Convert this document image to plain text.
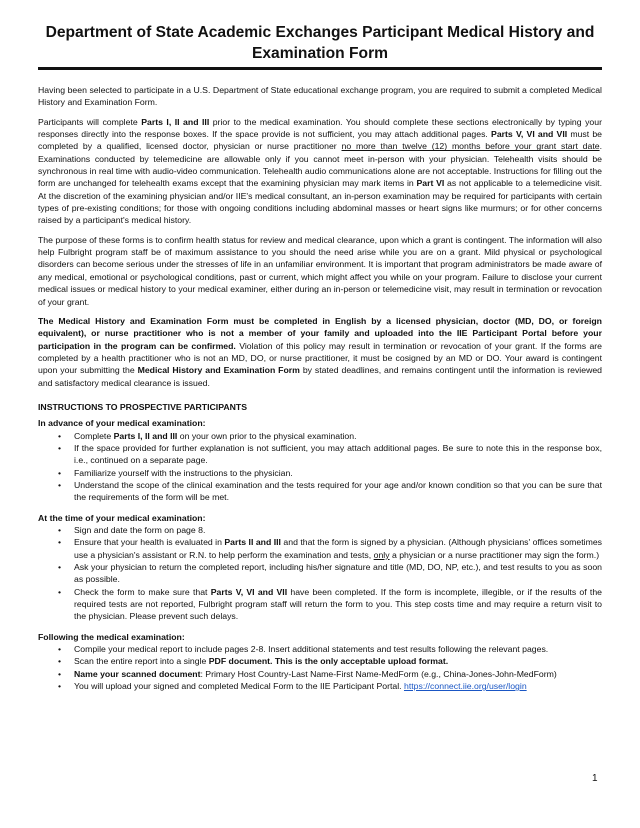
Department of State Academic Exchanges Participant Medical History and Examination Form

Having been selected to participate in a U.S. Department of State educational exchange program, you are required to submit a completed Medical History and Examination Form.

Participants will complete Parts I, II and III prior to the medical examination. You should complete these sections electronically by typing your responses directly into the response boxes. If the space provide is not sufficient, you may attach additional pages. Parts V, VI and VII must be completed by a qualified, licensed doctor, physician or nurse practitioner no more than twelve (12) months before your grant start date. Examinations conducted by telemedicine are allowable only if you cannot meet in-person with your physician. Telehealth visits should be synchronous in real time with audio-video communication. Telehealth audio communications alone are not acceptable. Instructions for filling out the form are unchanged for telehealth exams except that the examining physician may mark items in Part VI as not applicable to a telemedicine visit. At the discretion of the examining physician and/or IIE's medical consultant, an in-person examination may be required for participants with certain types of pre-existing conditions; for those with ongoing conditions including abdominal masses or heart signs like murmurs; or for other concerns raised by a participant's medical history.

The purpose of these forms is to confirm health status for review and medical clearance, upon which a grant is contingent. The information will also help Fulbright program staff be of maximum assistance to you should the need arise while you are on a grant. Mild physical or psychological disorders can become serious under the stresses of life in an unfamiliar environment. It is important that program administrators be made aware of any medical, emotional or psychological conditions, past or current, which might affect you while on your program. Failure to disclose your current medical issues or medical history to your medical examiner, either during an in-person or telemedicine visit, may result in termination or revocation of your grant.

The Medical History and Examination Form must be completed in English by a licensed physician, doctor (MD, DO, or foreign equivalent), or nurse practitioner who is not a member of your family and uploaded into the IIE Participant Portal before your participation in the program can be confirmed. Violation of this policy may result in termination or revocation of your grant. If the forms are completed by a health practitioner who is not an MD, DO, or nurse practitioner, it must be cosigned by an MD or DO. Your award is contingent upon your submitting the Medical History and Examination Form by stated deadlines, and remains contingent until the information is reviewed and satisfactory medical clearance is issued.

INSTRUCTIONS TO PROSPECTIVE PARTICIPANTS
In advance of your medical examination:
• Complete Parts I, II and III on your own prior to the physical examination.
• If the space provided for further explanation is not sufficient, you may attach additional pages. Be sure to note this in the response box, i.e., continued on a separate page.
• Familiarize yourself with the instructions to the physician.
• Understand the scope of the clinical examination and the tests required for your age and/or known condition so that you can be sure that the requirements of the form will be met.
At the time of your medical examination:
• Sign and date the form on page 8.
• Ensure that your health is evaluated in Parts II and III and that the form is signed by a physician. (Although physicians' offices sometimes use a physician's assistant or R.N. to help perform the examination and tests, only a physician or a nurse practitioner may sign the form.)
• Ask your physician to return the completed report, including his/her signature and title (MD, DO, NP, etc.), and test results to you as soon as possible.
• Check the form to make sure that Parts V, VI and VII have been completed. If the form is incomplete, illegible, or if the results of the required tests are not reported, Fulbright program staff will return the form to you. This step costs time and may require a return visit to the physician. Please prevent such delays.
Following the medical examination:
• Compile your medical report to include pages 2-8. Insert additional statements and test results following the relevant pages.
• Scan the entire report into a single PDF document. This is the only acceptable upload format.
• Name your scanned document: Primary Host Country-Last Name-First Name-MedForm (e.g., China-Jones-John-MedForm)
• You will upload your signed and completed Medical Form to the IIE Participant Portal. https://connect.iie.org/user/login
1
